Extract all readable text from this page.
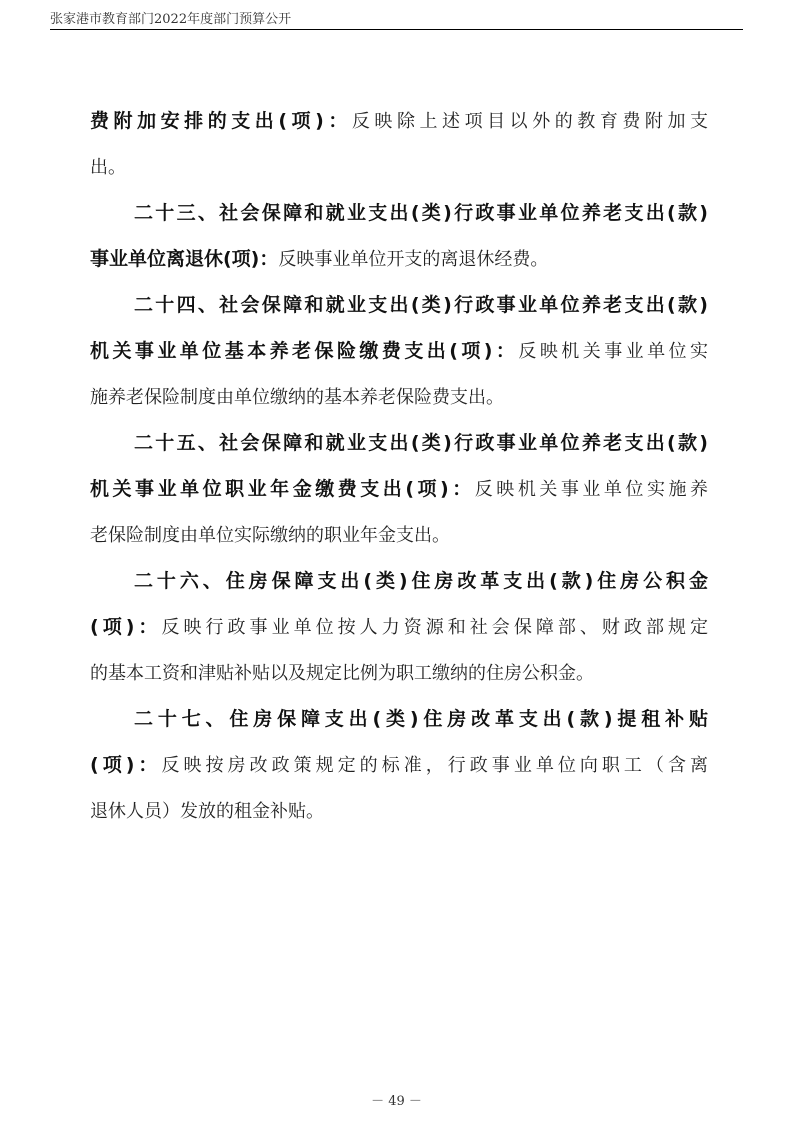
张家港市教育部门2022年度部门预算公开
费附加安排的支出(项)：反映除上述项目以外的教育费附加支
出。
二十三、社会保障和就业支出(类)行政事业单位养老支出(款)
事业单位离退休(项)：反映事业单位开支的离退休经费。
二十四、社会保障和就业支出(类)行政事业单位养老支出(款)
机关事业单位基本养老保险缴费支出(项)：反映机关事业单位实
施养老保险制度由单位缴纳的基本养老保险费支出。
二十五、社会保障和就业支出(类)行政事业单位养老支出(款)
机关事业单位职业年金缴费支出(项)：反映机关事业单位实施养
老保险制度由单位实际缴纳的职业年金支出。
二十六、住房保障支出(类)住房改革支出(款)住房公积金
(项)：反映行政事业单位按人力资源和社会保障部、财政部规定
的基本工资和津贴补贴以及规定比例为职工缴纳的住房公积金。
二十七、住房保障支出(类)住房改革支出(款)提租补贴
(项)：反映按房改政策规定的标准，行政事业单位向职工（含离
退休人员）发放的租金补贴。
－ 49 －
